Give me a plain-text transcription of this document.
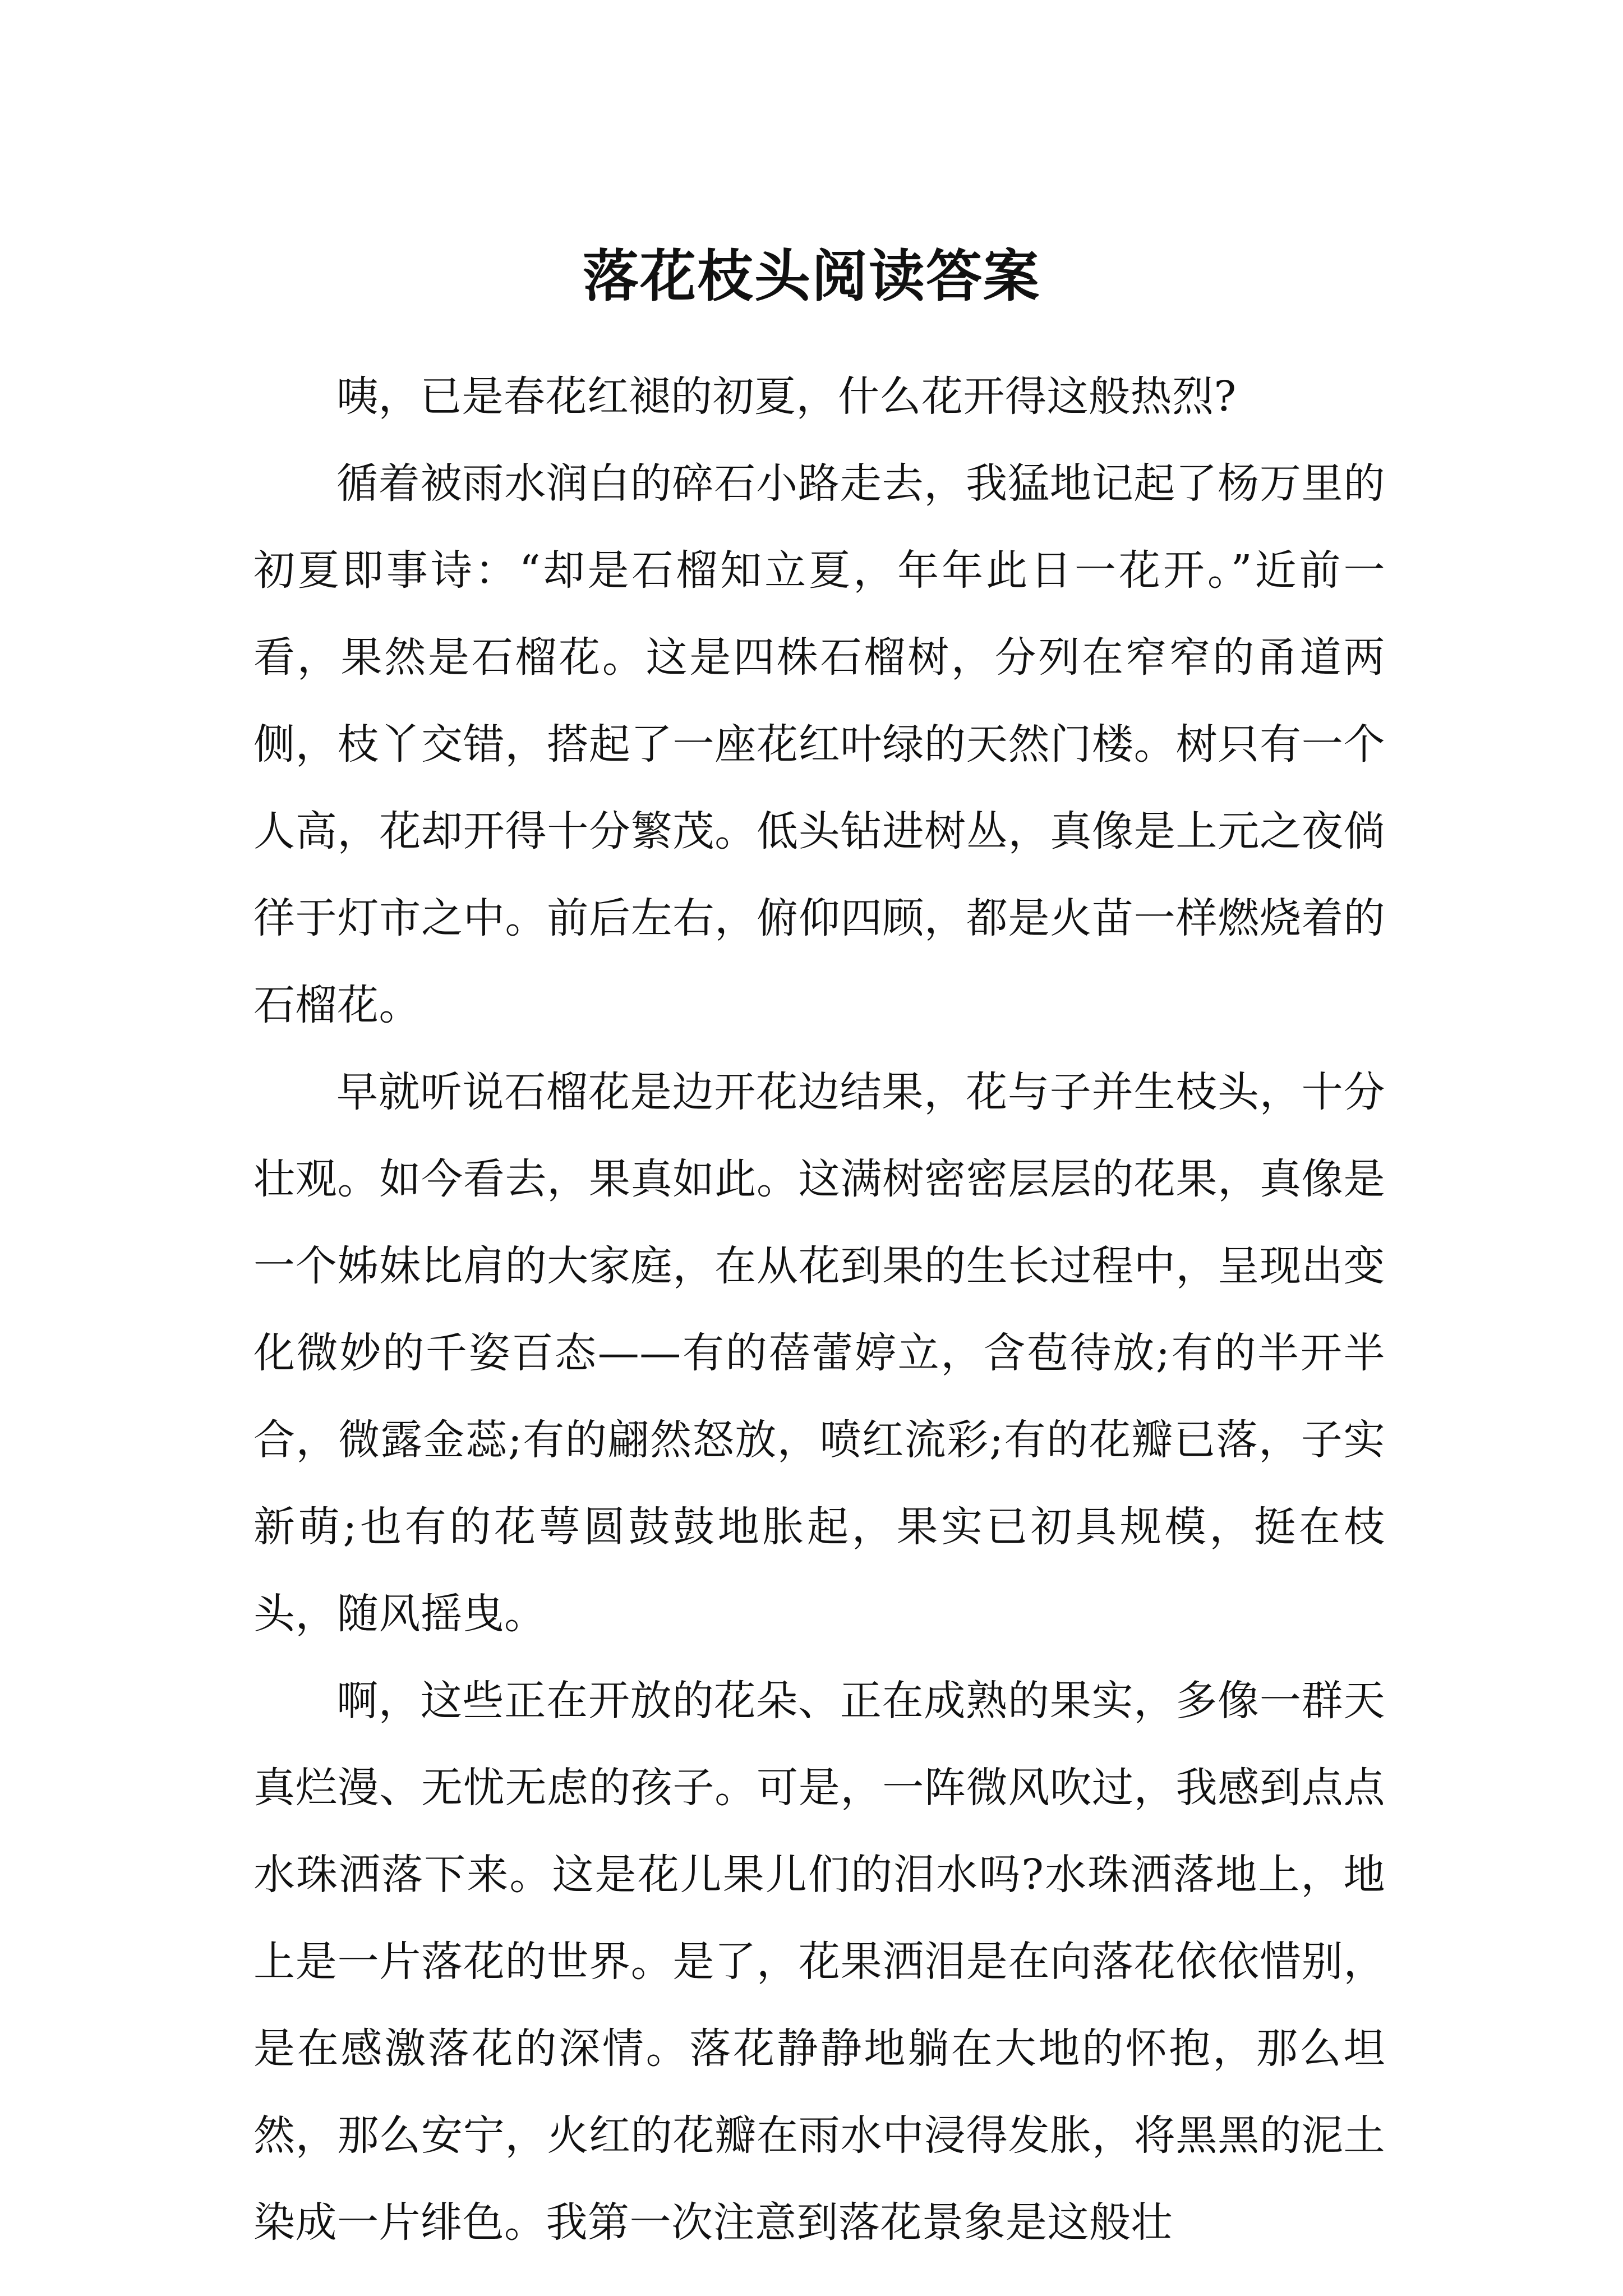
落花枝头阅读答案

咦，已是春花红褪的初夏，什么花开得这般热烈?

循着被雨水润白的碎石小路走去，我猛地记起了杨万里的初夏即事诗：“却是石榴知立夏，年年此日一花开。”近前一看，果然是石榴花。这是四株石榴树，分列在窄窄的甬道两侧，枝丫交错，搭起了一座花红叶绿的天然门楼。树只有一个人高，花却开得十分繁茂。低头钻进树丛，真像是上元之夜倘徉于灯市之中。前后左右，俯仰四顾，都是火苗一样燃烧着的石榴花。

早就听说石榴花是边开花边结果，花与子并生枝头，十分壮观。如今看去，果真如此。这满树密密层层的花果，真像是一个姊妹比肩的大家庭，在从花到果的生长过程中，呈现出变化微妙的千姿百态——有的蓓蕾婷立，含苞待放;有的半开半合，微露金蕊;有的翩然怒放，喷红流彩;有的花瓣已落，子实新萌;也有的花萼圆鼓鼓地胀起，果实已初具规模，挺在枝头，随风摇曳。

啊，这些正在开放的花朵、正在成熟的果实，多像一群天真烂漫、无忧无虑的孩子。可是，一阵微风吹过，我感到点点水珠洒落下来。这是花儿果儿们的泪水吗?水珠洒落地上，地上是一片落花的世界。是了，花果洒泪是在向落花依依惜别，是在感激落花的深情。落花静静地躺在大地的怀抱，那么坦然，那么安宁，火红的花瓣在雨水中浸得发胀，将黑黑的泥土染成一片绯色。我第一次注意到落花景象是这般壮
